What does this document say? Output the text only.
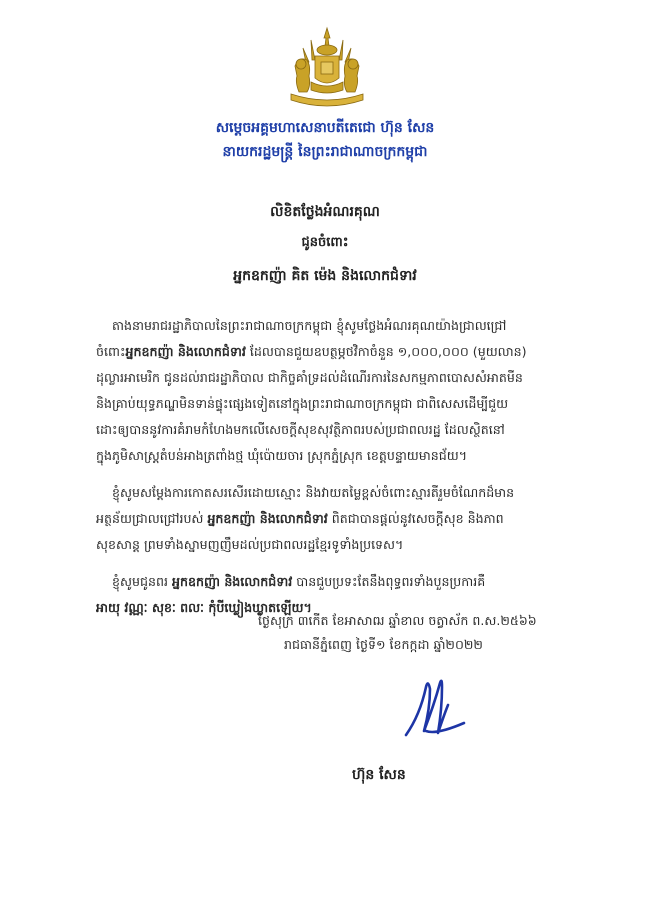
សម្តេចអគ្គមហាសេនាបតីតេជោ ហ៊ុន សែន
នាយករដ្ឋមន្ត្រី នៃព្រះរាជាណាចក្រកម្ពុជា
លិខិតថ្លែងអំណរគុណ
ជូនចំពោះ
អ្នកឧកញ៉ា គិត ម៉េង និងលោកជំទាវ
តាងនាមរាជរដ្ឋាភិបាលនៃព្រះរាជាណាចក្រកម្ពុជា ខ្ញុំសូមថ្លែងអំណរគុណយ៉ាងជ្រាលជ្រៅ
ចំពោះអ្នកឧកញ៉ា និងលោកជំទាវ ដែលបានជួយឧបត្ថម្ភថវិកាចំនួន ១,០០០,០០០ (មួយលាន)
ដុល្លារអាមេរិក ជូនដល់រាជរដ្ឋាភិបាល ជាកិច្ចគាំទ្រដល់ដំណើរការនៃសកម្មភាពបោសសំអាតមីន
និងគ្រាប់យុទ្ធភណ្ឌមិនទាន់ផ្ទុះផ្សេងទៀតនៅក្នុងព្រះរាជាណាចក្រកម្ពុជា ជាពិសេសដើម្បីជួយ
ដោះឲ្យបាននូវការគំរាមកំហែងមកលើសេចក្តីសុខសុវត្ថិភាពរបស់ប្រជាពលរដ្ឋ ដែលស្ថិតនៅ
ក្នុងភូមិសាស្ត្រតំបន់អាងត្រពាំងថ្ម ឃុំប៉ោយចារ ស្រុកភ្នំស្រុក ខេត្តបន្ទាយមានជ័យ។
ខ្ញុំសូមសម្តែងការកោតសរសើរដោយស្មោះ និងវាយតម្លៃខ្ពស់ចំពោះស្មារតីរួមចំណែកដ៏មាន
អត្ថន័យជ្រាលជ្រៅរបស់ អ្នកឧកញ៉ា និងលោកជំទាវ ពិតជាបានផ្តល់នូវសេចក្តីសុខ និងភាព
សុខសាន្ត ព្រមទាំងស្នាមញញឹមដល់ប្រជាពលរដ្ឋខ្មែរទូទាំងប្រទេស។
ខ្ញុំសូមជូនពរ អ្នកឧកញ៉ា និងលោកជំទាវ បានជួបប្រទះតែនឹងពុទ្ធពរទាំងបួនប្រការគឺ
អាយុ វណ្ណៈ សុខៈ ពលៈ កុំបីឃ្លៀងឃ្លាតឡើយ។
ថ្ងៃសុក្រ ៣កើត ខែអាសាឍ ឆ្នាំខាល ចត្វាស័ក ព.ស.២៥៦៦
រាជធានីភ្នំពេញ ថ្ងៃទី១ ខែកក្កដា ឆ្នាំ២០២២
ហ៊ុន សែន
